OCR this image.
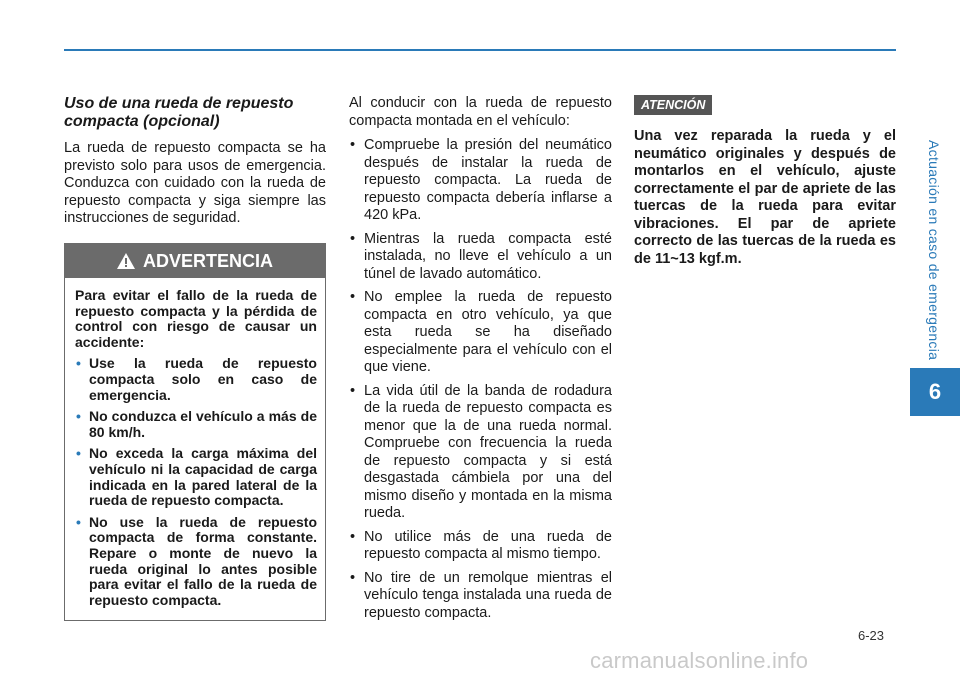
Actuación en caso de emergencia
6
Uso de una rueda de repuesto
compacta (opcional)

La rueda de repuesto compacta se ha previsto solo para usos de emergencia. Conduzca con cuidado con la rueda de repuesto compacta y siga siempre las instrucciones de seguridad.

ADVERTENCIA

Para evitar el fallo de la rueda de repuesto compacta y la pérdida de control con riesgo de causar un accidente:

• Use la rueda de repuesto compacta solo en caso de emergencia.
• No conduzca el vehículo a más de 80 km/h.
• No exceda la carga máxima del vehículo ni la capacidad de carga indicada en la pared lateral de la rueda de repuesto compacta.
• No use la rueda de repuesto compacta de forma constante. Repare o monte de nuevo la rueda original lo antes posible para evitar el fallo de la rueda de repuesto compacta.

Al conducir con la rueda de repuesto compacta montada en el vehículo:

• Compruebe la presión del neumático después de instalar la rueda de repuesto compacta. La rueda de repuesto compacta debería inflarse a 420 kPa.
• Mientras la rueda compacta esté instalada, no lleve el vehículo a un túnel de lavado automático.
• No emplee la rueda de repuesto compacta en otro vehículo, ya que esta rueda se ha diseñado especialmente para el vehículo con el que viene.
• La vida útil de la banda de rodadura de la rueda de repuesto compacta es menor que la de una rueda normal. Compruebe con frecuencia la rueda de repuesto compacta y si está desgastada cámbiela por una del mismo diseño y montada en la misma rueda.
• No utilice más de una rueda de repuesto compacta al mismo tiempo.
• No tire de un remolque mientras el vehículo tenga instalada una rueda de repuesto compacta.
ATENCIÓN

Una vez reparada la rueda y el neumático originales y después de montarlos en el vehículo, ajuste correctamente el par de apriete de las tuercas de la rueda para evitar vibraciones. El par de apriete correcto de las tuercas de la rueda es de 11~13 kgf.m.

6-23
carmanualsonline.info
